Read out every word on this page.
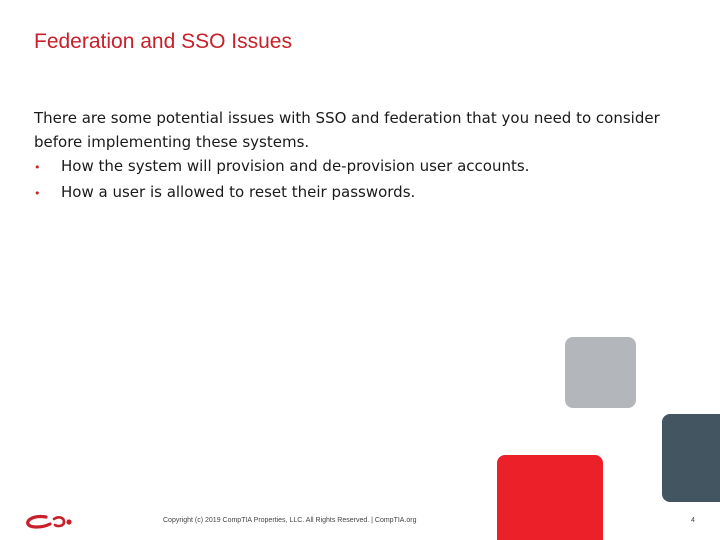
Federation and SSO Issues

There are some potential issues with SSO and federation that you need to consider before implementing these systems.

•	How the system will provision and de-provision user accounts.
•	How a user is allowed to reset their passwords.
Copyright (c) 2019 CompTIA Properties, LLC. All Rights Reserved. | CompTIA.org	4
